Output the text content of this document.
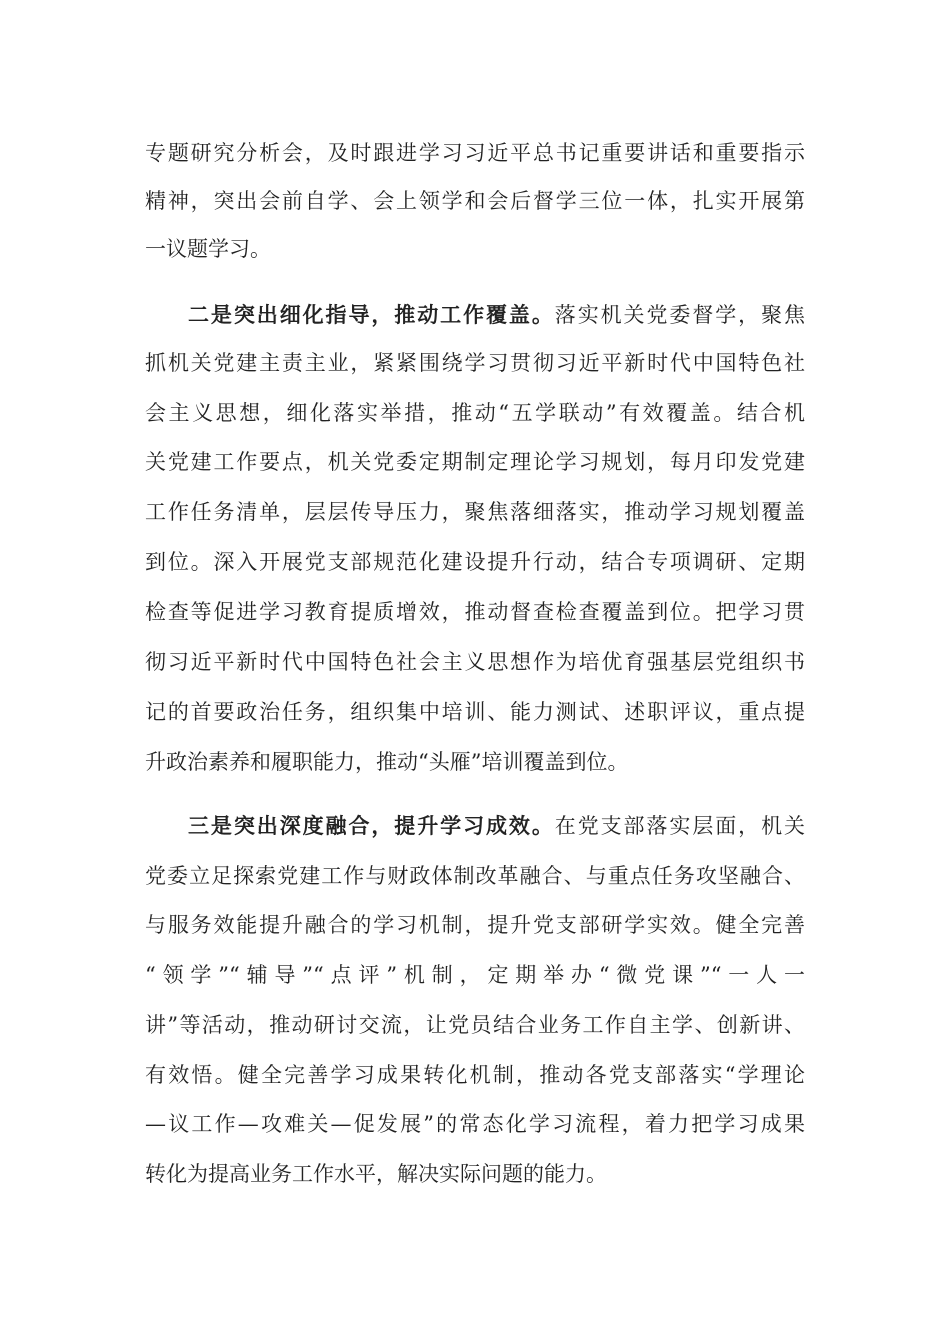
专题研究分析会，及时跟进学习习近平总书记重要讲话和重要指示
精神，突出会前自学、会上领学和会后督学三位一体，扎实开展第
一议题学习。
二是突出细化指导，推动工作覆盖。落实机关党委督学，聚焦
抓机关党建主责主业，紧紧围绕学习贯彻习近平新时代中国特色社
会主义思想，细化落实举措，推动“五学联动”有效覆盖。结合机
关党建工作要点，机关党委定期制定理论学习规划，每月印发党建
工作任务清单，层层传导压力，聚焦落细落实，推动学习规划覆盖
到位。深入开展党支部规范化建设提升行动，结合专项调研、定期
检查等促进学习教育提质增效，推动督查检查覆盖到位。把学习贯
彻习近平新时代中国特色社会主义思想作为培优育强基层党组织书
记的首要政治任务，组织集中培训、能力测试、述职评议，重点提
升政治素养和履职能力，推动“头雁”培训覆盖到位。
三是突出深度融合，提升学习成效。在党支部落实层面，机关
党委立足探索党建工作与财政体制改革融合、与重点任务攻坚融合、
与服务效能提升融合的学习机制，提升党支部研学实效。健全完善
“领学”“辅导”“点评”机制，定期举办“微党课”“一人一
讲”等活动，推动研讨交流，让党员结合业务工作自主学、创新讲、
有效悟。健全完善学习成果转化机制，推动各党支部落实“学理论
—议工作—攻难关—促发展”的常态化学习流程，着力把学习成果
转化为提高业务工作水平，解决实际问题的能力。
